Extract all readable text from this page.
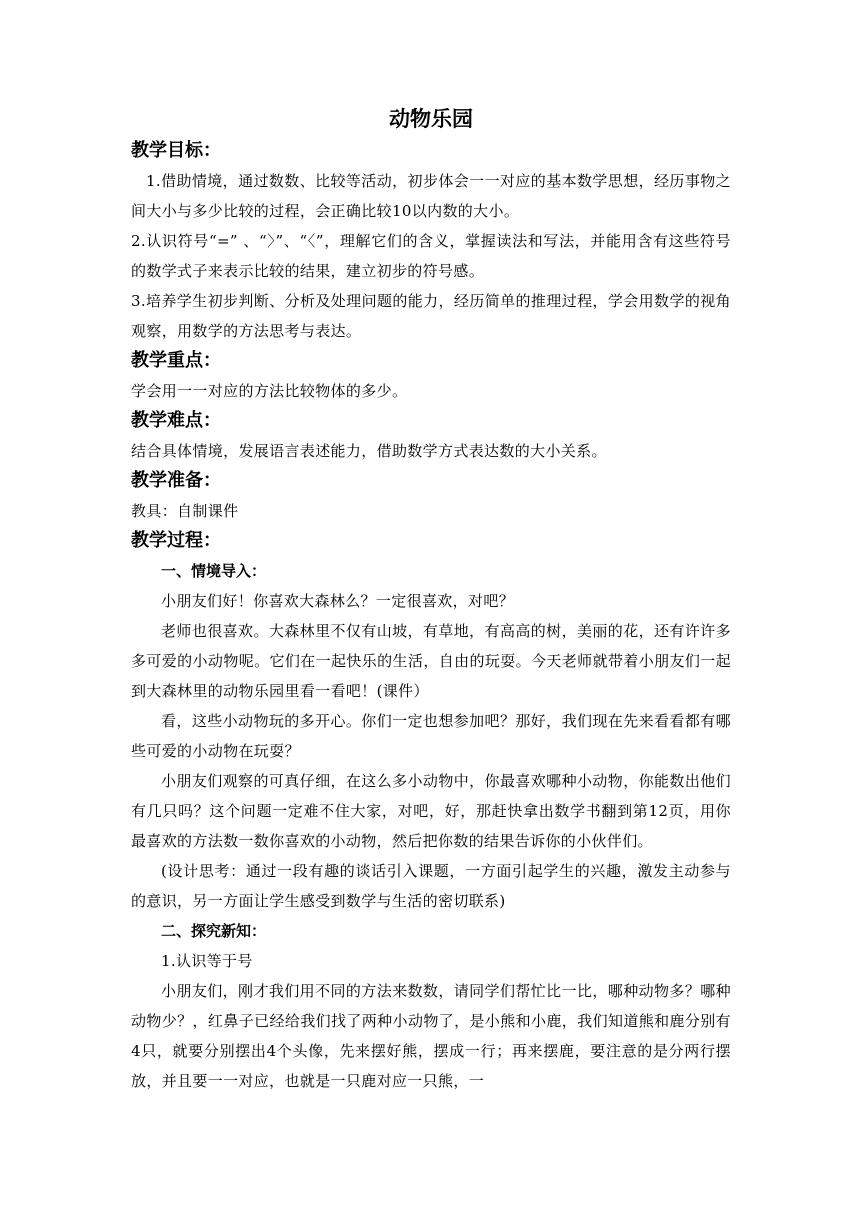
动物乐园
教学目标：

1.借助情境，通过数数、比较等活动，初步体会一一对应的基本数学思想，经历事物之间大小与多少比较的过程，会正确比较10以内数的大小。

2.认识符号“=” 、“〉”、“〈”，理解它们的含义，掌握读法和写法，并能用含有这些符号的数学式子来表示比较的结果，建立初步的符号感。

3.培养学生初步判断、分析及处理问题的能力，经历简单的推理过程，学会用数学的视角观察，用数学的方法思考与表达。

教学重点：

学会用一一对应的方法比较物体的多少。

教学难点：

结合具体情境，发展语言表述能力，借助数学方式表达数的大小关系。

教学准备：

教具：自制课件

教学过程：
一、情境导入：

小朋友们好！你喜欢大森林么？一定很喜欢，对吧？

老师也很喜欢。大森林里不仅有山坡，有草地，有高高的树，美丽的花，还有许许多多可爱的小动物呢。它们在一起快乐的生活，自由的玩耍。今天老师就带着小朋友们一起到大森林里的动物乐园里看一看吧！(课件）

看，这些小动物玩的多开心。你们一定也想参加吧？那好，我们现在先来看看都有哪些可爱的小动物在玩耍？

小朋友们观察的可真仔细，在这么多小动物中，你最喜欢哪种小动物，你能数出他们有几只吗？这个问题一定难不住大家，对吧，好，那赶快拿出数学书翻到第12页，用你最喜欢的方法数一数你喜欢的小动物，然后把你数的结果告诉你的小伙伴们。

(设计思考：通过一段有趣的谈话引入课题，一方面引起学生的兴趣，激发主动参与的意识，另一方面让学生感受到数学与生活的密切联系)

二、探究新知：

1.认识等于号

小朋友们，刚才我们用不同的方法来数数，请同学们帮忙比一比，哪种动物多？哪种动物少？，红鼻子已经给我们找了两种小动物了，是小熊和小鹿，我们知道熊和鹿分别有4只，就要分别摆出4个头像，先来摆好熊，摆成一行；再来摆鹿，要注意的是分两行摆放，并且要一一对应，也就是一只鹿对应一只熊，一
